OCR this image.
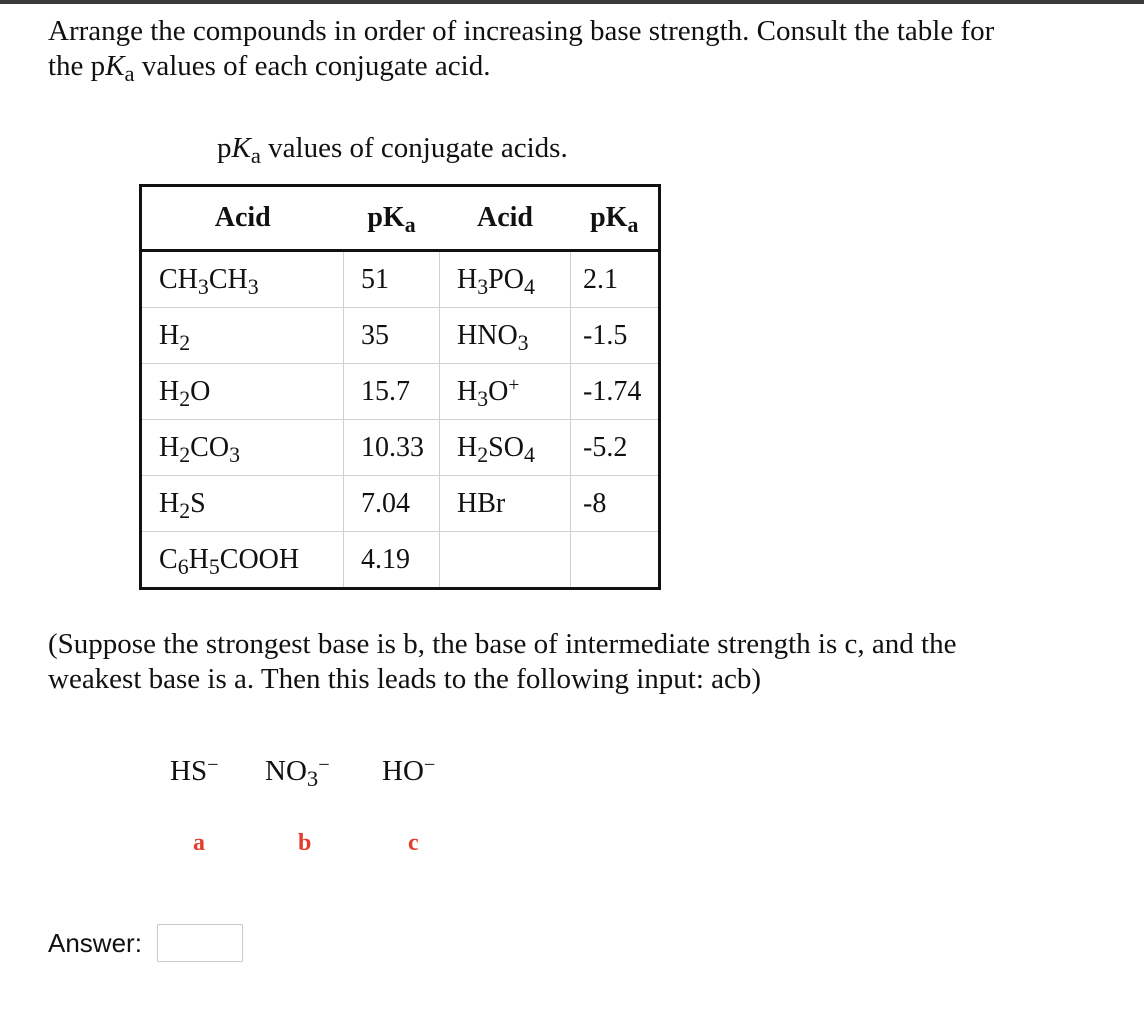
Arrange the compounds in order of increasing base strength. Consult the table for
the $pK_a$ values of each conjugate acid.
$pK_a$ values of conjugate acids.
Acid	$pK_a$	Acid	$pK_a$
$CH_3CH_3$	51	$H_3PO_4$	2.1
$H_2$	35	$HNO_3$	-1.5
$H_2O$	15.7	$H_3O^+$	-1.74
$H_2CO_3$	10.33	$H_2SO_4$	-5.2
$H_2S$	7.04	HBr	-8
$C_6H_5COOH$	4.19		
(Suppose the strongest base is b, the base of intermediate strength is c, and the
weakest base is a. Then this leads to the following input: acb)
HS−
a
$NO_3^-$
b
HO−
c
Answer:
